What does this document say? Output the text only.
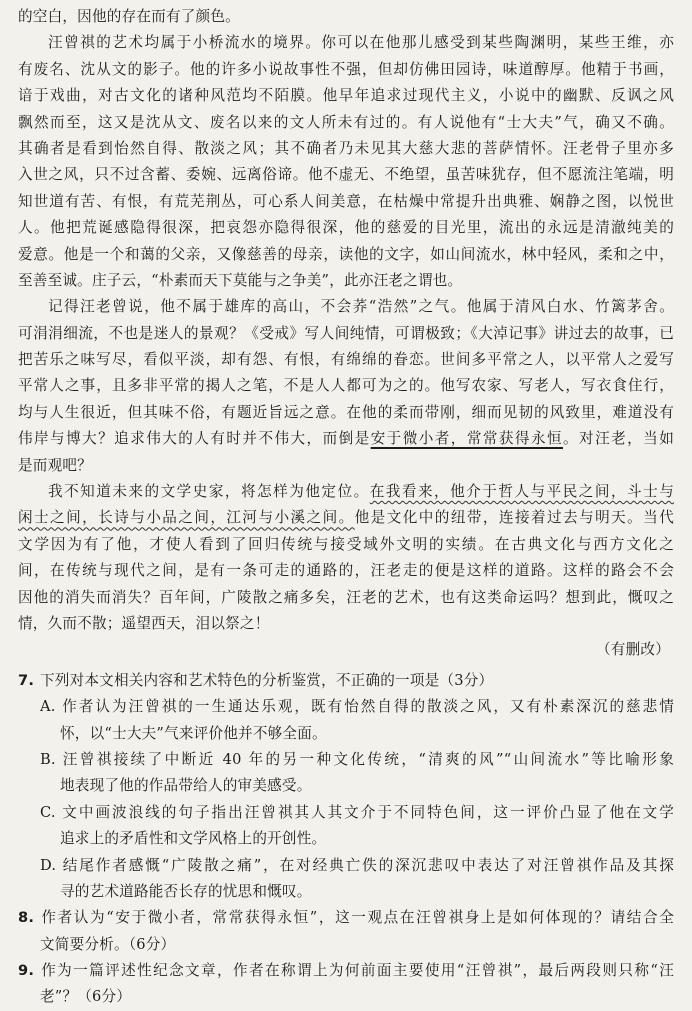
的空白，因他的存在而有了颜色。
汪曾祺的艺术均属于小桥流水的境界。你可以在他那儿感受到某些陶渊明，某些王维，亦
有废名、沈从文的影子。他的许多小说故事性不强，但却仿佛田园诗，味道醇厚。他精于书画，
谙于戏曲，对古文化的诸种风范均不陌膜。他早年追求过现代主义，小说中的幽默、反讽之风
飘然而至，这又是沈从文、废名以来的文人所未有过的。有人说他有“士大夫”气，确又不确。
其确者是看到怡然自得、散淡之风；其不确者乃未见其大慈大悲的菩萨情怀。汪老骨子里亦多
入世之风，只不过含蓄、委婉、远离俗谛。他不虚无、不绝望，虽苦味犹存，但不愿流注笔端，明
知世道有苦、有恨，有荒芜荆丛，可心系人间美意，在枯燥中常提升出典雅、娴静之图，以悦世
人。他把荒诞感隐得很深，把哀怨亦隐得很深，他的慈爱的目光里，流出的永远是清澈纯美的
爱意。他是一个和蔼的父亲，又像慈善的母亲，读他的文字，如山间流水，林中轻风，柔和之中，
至善至诚。庄子云，“朴素而天下莫能与之争美”，此亦汪老之谓也。
记得汪老曾说，他不属于雄库的高山，不会荞“浩然”之气。他属于清风白水、竹篱茅舍。
可涓涓细流，不也是迷人的景观？《受戒》写人间纯情，可谓极致；《大淖记事》讲过去的故事，已
把苦乐之味写尽，看似平淡，却有怨、有恨，有绵绵的眷恋。世间多平常之人，以平常人之爱写
平常人之事，且多非平常的揭人之笔，不是人人都可为之的。他写农家、写老人，写衣食住行，
均与人生很近，但其味不俗，有题近旨远之意。在他的柔而带刚，细而见韧的风致里，难道没有
伟岸与博大？追求伟大的人有时并不伟大，而倒是安于微小者，常常获得永恒。对汪老，当如
是而观吧？
我不知道未来的文学史家，将怎样为他定位。在我看来，他介于哲人与平民之间，斗士与
闲士之间，长诗与小品之间，江河与小溪之间。他是文化中的纽带，连接着过去与明天。当代
文学因为有了他，才使人看到了回归传统与接受域外文明的实绩。在古典文化与西方文化之
间，在传统与现代之间，是有一条可走的通路的，汪老走的便是这样的道路。这样的路会不会
因他的消失而消失？百年间，广陵散之痛多矣，汪老的艺术，也有这类命运吗？想到此，慨叹之
情，久而不散；遥望西天，泪以祭之！
（有删改）
7. 下列对本文相关内容和艺术特色的分析鉴赏，不正确的一项是（3分）
A. 作者认为汪曾祺的一生通达乐观，既有怡然自得的散淡之风，又有朴素深沉的慈悲情
怀，以“士大夫”气来评价他并不够全面。
B. 汪曾祺接续了中断近 40 年的另一种文化传统，“清爽的风”“山间流水”等比喻形象
地表现了他的作品带给人的审美感受。
C. 文中画波浪线的句子指出汪曾祺其人其文介于不同特色间，这一评价凸显了他在文学
追求上的矛盾性和文学风格上的开创性。
D. 结尾作者感慨“广陵散之痛”，在对经典亡佚的深沉悲叹中表达了对汪曾祺作品及其探
寻的艺术道路能否长存的忧思和慨叹。
8. 作者认为“安于微小者，常常获得永恒”，这一观点在汪曾祺身上是如何体现的？请结合全
文简要分析。（6分）
9. 作为一篇评述性纪念文章，作者在称谓上为何前面主要使用“汪曾祺”，最后两段则只称“汪
老”？（6分）
